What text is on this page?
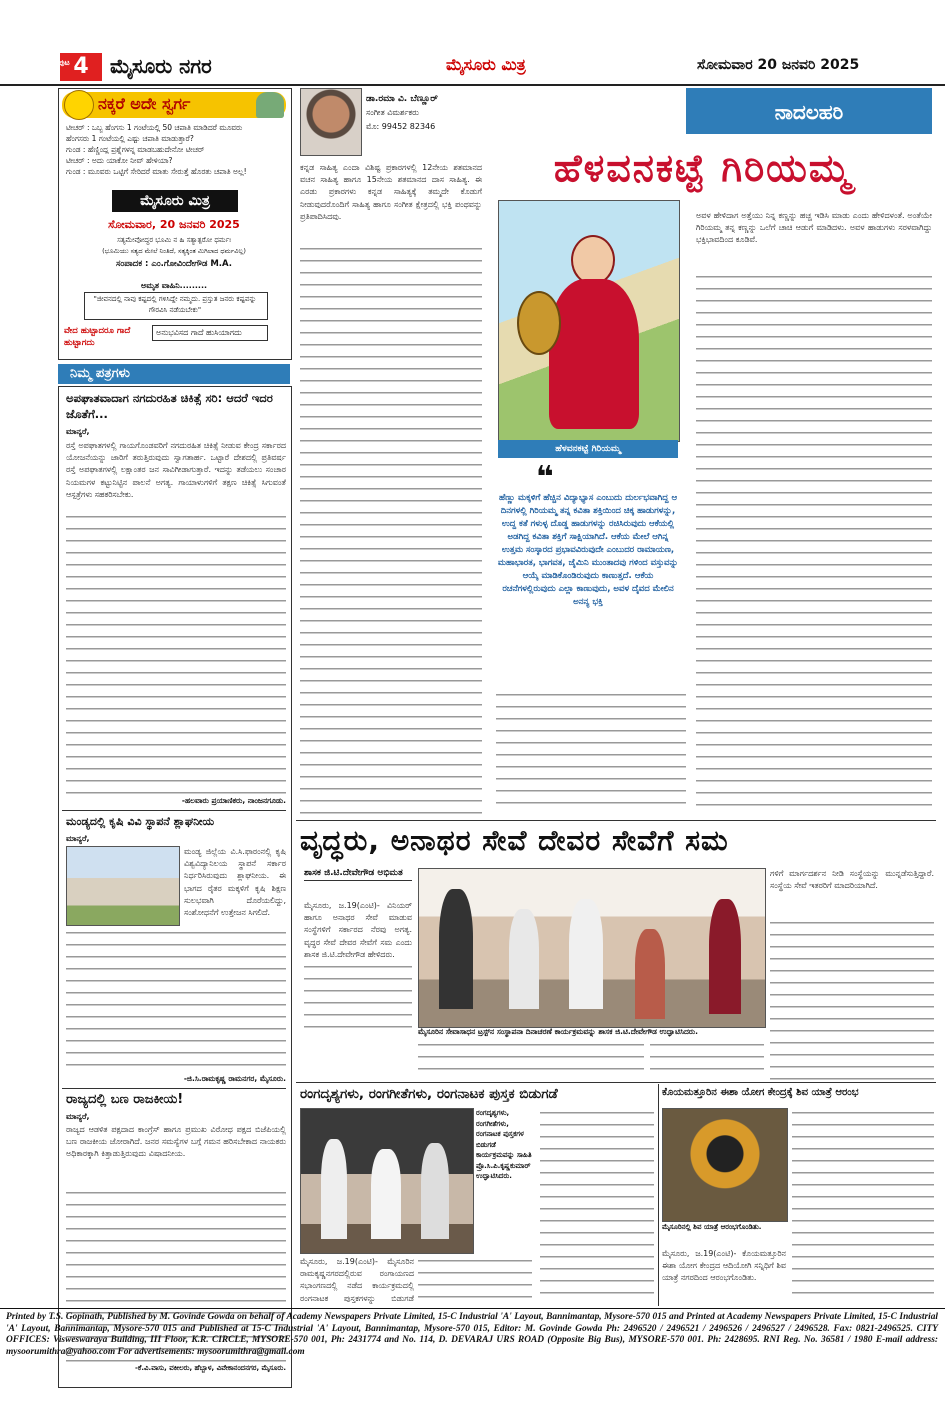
ಪುಟ 4	ಮೈಸೂರು ನಗರ	ಮೈಸೂರು ಮಿತ್ರ	ಸೋಮವಾರ 20 ಜನವರಿ 2025
ನಕ್ಕರೆ ಅದೇ ಸ್ವರ್ಗ
ಟೀಚರ್ : ಒಬ್ಬ ಹೆಂಗಸು 1 ಗಂಟೆಯಲ್ಲಿ 50 ಚಪಾತಿ ಮಾಡಿದರೆ ಮೂವರು
ಹೆಂಗಸರು 1 ಗಂಟೆಯಲ್ಲಿ ಎಷ್ಟು ಚಪಾತಿ ಮಾಡುತ್ತಾರೆ?
ಗುಂಡ : ಹೆಣ್ಣಿಂದ್ಲ ಪ್ರಶ್ನೆಗಳನ್ನ ಮಾಡಬಹುದೇನೋ ಟೀಚರ್
ಟೀಚರ್ : ಅದು ಯಾಕೋ ನೀವ್ ಹೇಳಿಯಾ?
ಗುಂಡ : ಮೂವರು ಒಟ್ಟಿಗೆ ಸೇರಿದರೆ ಮಾತು ಸೇರುತ್ತೆ ಹೊರತು ಚಪಾತಿ ಅಲ್ಲ!
ಮೈಸೂರು ಮಿತ್ರ
ಸೋಮವಾರ, 20 ಜನವರಿ 2025
ಸತ್ಯಮೇವೋದ್ಧರ ಭೂಮಿ ನ ಹಿ ಸತ್ಯಾತ್ಪರೋ ಧರ್ಮಃ
(ಭೂಮಿಯು ಸತ್ಯದ ಮೇಲೆ ನಿಂತಿದೆ, ಸತ್ಯಕ್ಕಿಂತ ಮಿಗಿಲಾದ ಧರ್ಮವಿಲ್ಲ)
ಸಂಪಾದಕ : ಎಂ.ಗೋವಿಂದೇಗೌಡ M.A.
ಅಮೃತ ವಾಹಿನಿ.........
"ಜೀವನದಲ್ಲಿ ನಾವು ಕಷ್ಟದಲ್ಲಿ ಗಳಿಸಿದ್ದೇ ನಮ್ಮದು. ಪ್ರಸ್ತುತ ಜನರು ಕಷ್ಟವನ್ನು ಗೌರವಿಸಿ ನಡೆಯಬೇಕು"
ವೇದ ಹುಟ್ಟಾದರೂ ಗಾದೆ ಹುಟ್ಟಾಗದು
ಅನುಭವಿಸದ ಗಾದೆ ಹುಸಿಯಾಗದು
ನಿಮ್ಮ ಪತ್ರಗಳು
ಅಪಘಾತವಾದಾಗ ನಗದುರಹಿತ ಚಿಕಿತ್ಸೆ ಸರಿ: ಆದರೆ ಇದರ ಜೊತೆಗೆ...
ಮಾನ್ಯರೆ,
ರಸ್ತೆ ಅಪಘಾತಗಳಲ್ಲಿ ಗಾಯಗೊಂಡವರಿಗೆ ನಗದುರಹಿತ ಚಿಕಿತ್ಸೆ ನೀಡುವ ಕೇಂದ್ರ ಸರ್ಕಾರದ ಯೋಜನೆಯನ್ನು ಜಾರಿಗೆ ತರುತ್ತಿರುವುದು ಸ್ವಾಗತಾರ್ಹ. ಒಟ್ಟಾರೆ ದೇಶದಲ್ಲಿ ಪ್ರತಿವರ್ಷ ರಸ್ತೆ ಅಪಘಾತಗಳಲ್ಲಿ ಲಕ್ಷಾಂತರ ಜನ ಸಾವಿಗೀಡಾಗುತ್ತಾರೆ. ಇದನ್ನು ತಡೆಯಲು ಸಂಚಾರ ನಿಯಮಗಳ ಕಟ್ಟುನಿಟ್ಟಿನ ಪಾಲನೆ ಅಗತ್ಯ. ಗಾಯಾಳುಗಳಿಗೆ ತಕ್ಷಣ ಚಿಕಿತ್ಸೆ ಸಿಗುವಂತೆ ಆಸ್ಪತ್ರೆಗಳು ಸಹಕರಿಸಬೇಕು.
-ಹಲವಾರು ಪ್ರಯಾಣಿಕರು, ನಾಂಜನಗೂಡು.
ಮಂಡ್ಯದಲ್ಲಿ ಕೃಷಿ ವಿವಿ ಸ್ಥಾಪನೆ ಶ್ಲಾಘನೀಯ
ಮಾನ್ಯರೆ,
ಮಂಡ್ಯ ಜಿಲ್ಲೆಯ ವಿ.ಸಿ.ಫಾರಂನಲ್ಲಿ ಕೃಷಿ ವಿಶ್ವವಿದ್ಯಾನಿಲಯ ಸ್ಥಾಪನೆ ಸರ್ಕಾರ ನಿರ್ಧರಿಸಿರುವುದು ಶ್ಲಾಘನೀಯ. ಈ ಭಾಗದ ರೈತರ ಮಕ್ಕಳಿಗೆ ಕೃಷಿ ಶಿಕ್ಷಣ ಸುಲಭವಾಗಿ ದೊರೆಯಲಿದ್ದು, ಸಂಶೋಧನೆಗೆ ಉತ್ತೇಜನ ಸಿಗಲಿದೆ.
-ಜಿ.ಸಿ.ರಾಮಕೃಷ್ಣ ರಾಮನಗರ, ಮೈಸೂರು.
ರಾಜ್ಯದಲ್ಲಿ ಬಣ ರಾಜಕೀಯ!
ಮಾನ್ಯರೆ,
ರಾಜ್ಯದ ಆಡಳಿತ ಪಕ್ಷದಾದ ಕಾಂಗ್ರೆಸ್ ಹಾಗೂ ಪ್ರಮುಖ ವಿರೋಧ ಪಕ್ಷದ ಬಿಜೆಪಿಯಲ್ಲಿ ಬಣ ರಾಜಕೀಯ ಜೋರಾಗಿದೆ. ಜನರ ಸಮಸ್ಯೆಗಳ ಬಗ್ಗೆ ಗಮನ ಹರಿಸಬೇಕಾದ ನಾಯಕರು ಅಧಿಕಾರಕ್ಕಾಗಿ ಕಿತ್ತಾಡುತ್ತಿರುವುದು ವಿಷಾದನೀಯ.
-ಕೆ.ವಿ.ವಾಸು, ವಕೀಲರು, ಹೆಬ್ಬಾಳ, ವಿವೇಕಾನಂದನಗರ, ಮೈಸೂರು.
ಡಾ.ರಮಾ ವಿ. ಬೆಣ್ಣೂರ್
ಸಂಗೀತ ವಿಮರ್ಶಕರು
ಮೊ: 99452 82346
ನಾದಲಹರಿ
ಹೆಳವನಕಟ್ಟೆ ಗಿರಿಯಮ್ಮ
ಕನ್ನಡ ಸಾಹಿತ್ಯ ಎಂದಾ ವಿಶಿಷ್ಟ ಪ್ರಕಾರಗಳಲ್ಲಿ 12ನೇಯ ಶತಮಾನದ ವಚನ ಸಾಹಿತ್ಯ ಹಾಗೂ 15ನೇಯ ಶತಮಾನದ ದಾಸ ಸಾಹಿತ್ಯ. ಈ ಎರಡು ಪ್ರಕಾರಗಳು ಕನ್ನಡ ಸಾಹಿತ್ಯಕ್ಕೆ ತಮ್ಮದೇ ಕೊಡುಗೆ ನೀಡುವುದರೊಂದಿಗೆ ಸಾಹಿತ್ಯ ಹಾಗೂ ಸಂಗೀತ ಕ್ಷೇತ್ರದಲ್ಲಿ ಭಕ್ತಿ ಪಂಥವನ್ನು ಪ್ರತಿಪಾದಿಸಿದವು.
ಹೆಳವನಕಟ್ಟೆ ಗಿರಿಯಮ್ಮ
ಅವಳ ಹೇಳಿದಾಗ ಅತ್ತೆಯು ನಿನ್ನ ಕಣ್ಣನ್ನು ಹಚ್ಚ ಇಡಿಸಿ ಮಾಡು ಎಂದು ಹೇಳಿದಳಂತೆ. ಅಂತೆಯೇ ಗಿರಿಯಮ್ಮ ತನ್ನ ಕಣ್ಣನ್ನು ಒಲೆಗೆ ಚಾಚಿ ಆಡುಗೆ ಮಾಡಿದಳು. ಅವಳ ಹಾಡುಗಳು ಸರಳವಾಗಿದ್ದು ಭಕ್ತಿಭಾವದಿಂದ ಕೂಡಿವೆ.
❝
ಹೆಣ್ಣು ಮಕ್ಕಳಿಗೆ ಹೆಚ್ಚಿನ ವಿದ್ಯಾಭ್ಯಾಸ ಎಂಬುದು ದುರ್ಲಭವಾಗಿದ್ದ ಆ ದಿನಗಳಲ್ಲಿ ಗಿರಿಯಮ್ಮ ತನ್ನ ಕವಿತಾ ಶಕ್ತಿಯಿಂದ ಚಿಕ್ಕ ಹಾಡುಗಳನ್ನು, ಉದ್ದ ಕತೆ ಗಳುಳ್ಳ ದೊಡ್ಡ ಹಾಡುಗಳನ್ನು ರಚಿಸಿರುವುದು ಆಕೆಯಲ್ಲಿ ಅಡಗಿದ್ದ ಕವಿತಾ ಶಕ್ತಿಗೆ ಸಾಕ್ಷಿಯಾಗಿದೆ. ಆಕೆಯ ಮೇಲೆ ಆಗಿನ್ನ ಉತ್ತಮ ಸಂಸ್ಕಾರದ ಪ್ರಭಾವವಿರುವುದೇ ಎಂಬುದರ ರಾಮಾಯಣ, ಮಹಾಭಾರತ, ಭಾಗವತ, ಜೈಮಿನಿ ಮುಂತಾದವು ಗಳಿಂದ ವಸ್ತುವನ್ನು ಆಯ್ಕೆ ಮಾಡಿಕೊಂಡಿರುವುದು ಕಾಣುತ್ತದೆ. ಆಕೆಯ ರಚನೆಗಳಲ್ಲಿರುವುದು ಎಲ್ಲಾ ಕಾಣುವುದು, ಅವಳ ದೈವದ ಮೇಲಿನ ಅನನ್ಯ ಭಕ್ತಿ
ವೃದ್ಧರು, ಅನಾಥರ ಸೇವೆ ದೇವರ ಸೇವೆಗೆ ಸಮ
ಶಾಸಕ ಜಿ.ಟಿ.ದೇವೇಗೌಡ ಅಭಿಮತ
ಮೈಸೂರು, ಜ.19(ಎಂಟಿ)- ವಿನಿಯರ್ ಹಾಗೂ ಅನಾಥರ ಸೇವೆ ಮಾಡುವ ಸಂಸ್ಥೆಗಳಿಗೆ ಸರ್ಕಾರದ ನೆರವು ಅಗತ್ಯ. ವೃದ್ಧರ ಸೇವೆ ದೇವರ ಸೇವೆಗೆ ಸಮ ಎಂದು ಶಾಸಕ ಜಿ.ಟಿ.ದೇವೇಗೌಡ ಹೇಳಿದರು.
ಮೈಸೂರಿನ ಸೇವಾಸಾಧನ ಟ್ರಸ್ಟ್‌ನ ಸಂಸ್ಥಾಪನಾ ದಿನಾಚರಣೆ ಕಾರ್ಯಕ್ರಮವನ್ನು ಶಾಸಕ ಜಿ.ಟಿ.ದೇವೇಗೌಡ ಉದ್ಘಾಟಿಸಿದರು.
ಗಳಿಗೆ ಮಾರ್ಗದರ್ಶನ ನೀಡಿ ಸಂಸ್ಥೆಯನ್ನು ಮುನ್ನಡೆಸುತ್ತಿದ್ದಾರೆ. ಸಂಸ್ಥೆಯ ಸೇವೆ ಇತರರಿಗೆ ಮಾದರಿಯಾಗಿದೆ.
ರಂಗದೃಶ್ಯಗಳು, ರಂಗಗೀತೆಗಳು, ರಂಗನಾಟಕ ಪುಸ್ತಕ ಬಿಡುಗಡೆ
ರಂಗದೃಶ್ಯಗಳು, ರಂಗಗೀತೆಗಳು, ರಂಗನಾಟಕ ಪುಸ್ತಕಗಳ ಬಿಡುಗಡೆ ಕಾರ್ಯಕ್ರಮವನ್ನು ಸಾಹಿತಿ ಪ್ರೊ.ಸಿ.ಪಿ.ಕೃಷ್ಣಕುಮಾರ್ ಉದ್ಘಾಟಿಸಿದರು.
ಮೈಸೂರು, ಜ.19(ಎಂಟಿ)- ಮೈಸೂರಿನ ರಾಮಕೃಷ್ಣನಗರದಲ್ಲಿರುವ ರಂಗಾಯಣದ ಸಭಾಂಗಣದಲ್ಲಿ ನಡೆದ ಕಾರ್ಯಕ್ರಮದಲ್ಲಿ ರಂಗನಾಟಕ ಪುಸ್ತಕಗಳನ್ನು ಬಿಡುಗಡೆ
ಕೊಯಮತ್ತೂರಿನ ಈಶಾ ಯೋಗ ಕೇಂದ್ರಕ್ಕೆ ಶಿವ ಯಾತ್ರೆ ಆರಂಭ
ಮೈಸೂರಿನಲ್ಲಿ ಶಿವ ಯಾತ್ರೆ ಆರಂಭಗೊಂಡಿತು.
ಮೈಸೂರು, ಜ.19(ಎಂಟಿ)- ಕೊಯಮತ್ತೂರಿನ ಈಶಾ ಯೋಗ ಕೇಂದ್ರದ ಆದಿಯೋಗಿ ಸನ್ನಿಧಿಗೆ ಶಿವ ಯಾತ್ರೆ ನಗರದಿಂದ ಆರಂಭಗೊಂಡಿತು.
Printed by T.S. Gopinath, Published by M. Govinde Gowda on behalf of Academy Newspapers Private Limited, 15-C Industrial 'A' Layout, Bannimantap, Mysore-570 015 and Printed at Academy Newspapers Private Limited, 15-C Industrial 'A' Layout, Bannimantap, Mysore-570 015 and Published at 15-C Industrial 'A' Layout, Bannimantap, Mysore-570 015, Editor: M. Govinde Gowda Ph: 2496520 / 2496521 / 2496526 / 2496527 / 2496528. Fax: 0821-2496525. CITY OFFICES: Visweswaraya Building, III Floor, K.R. CIRCLE, MYSORE-570 001, Ph: 2431774 and No. 114, D. DEVARAJ URS ROAD (Opposite Big Bus), MYSORE-570 001. Ph: 2428695. RNI Reg. No. 36581 / 1980 E-mail address: mysoorumithra@yahoo.com For advertisements: mysoorumithra@gmail.com
